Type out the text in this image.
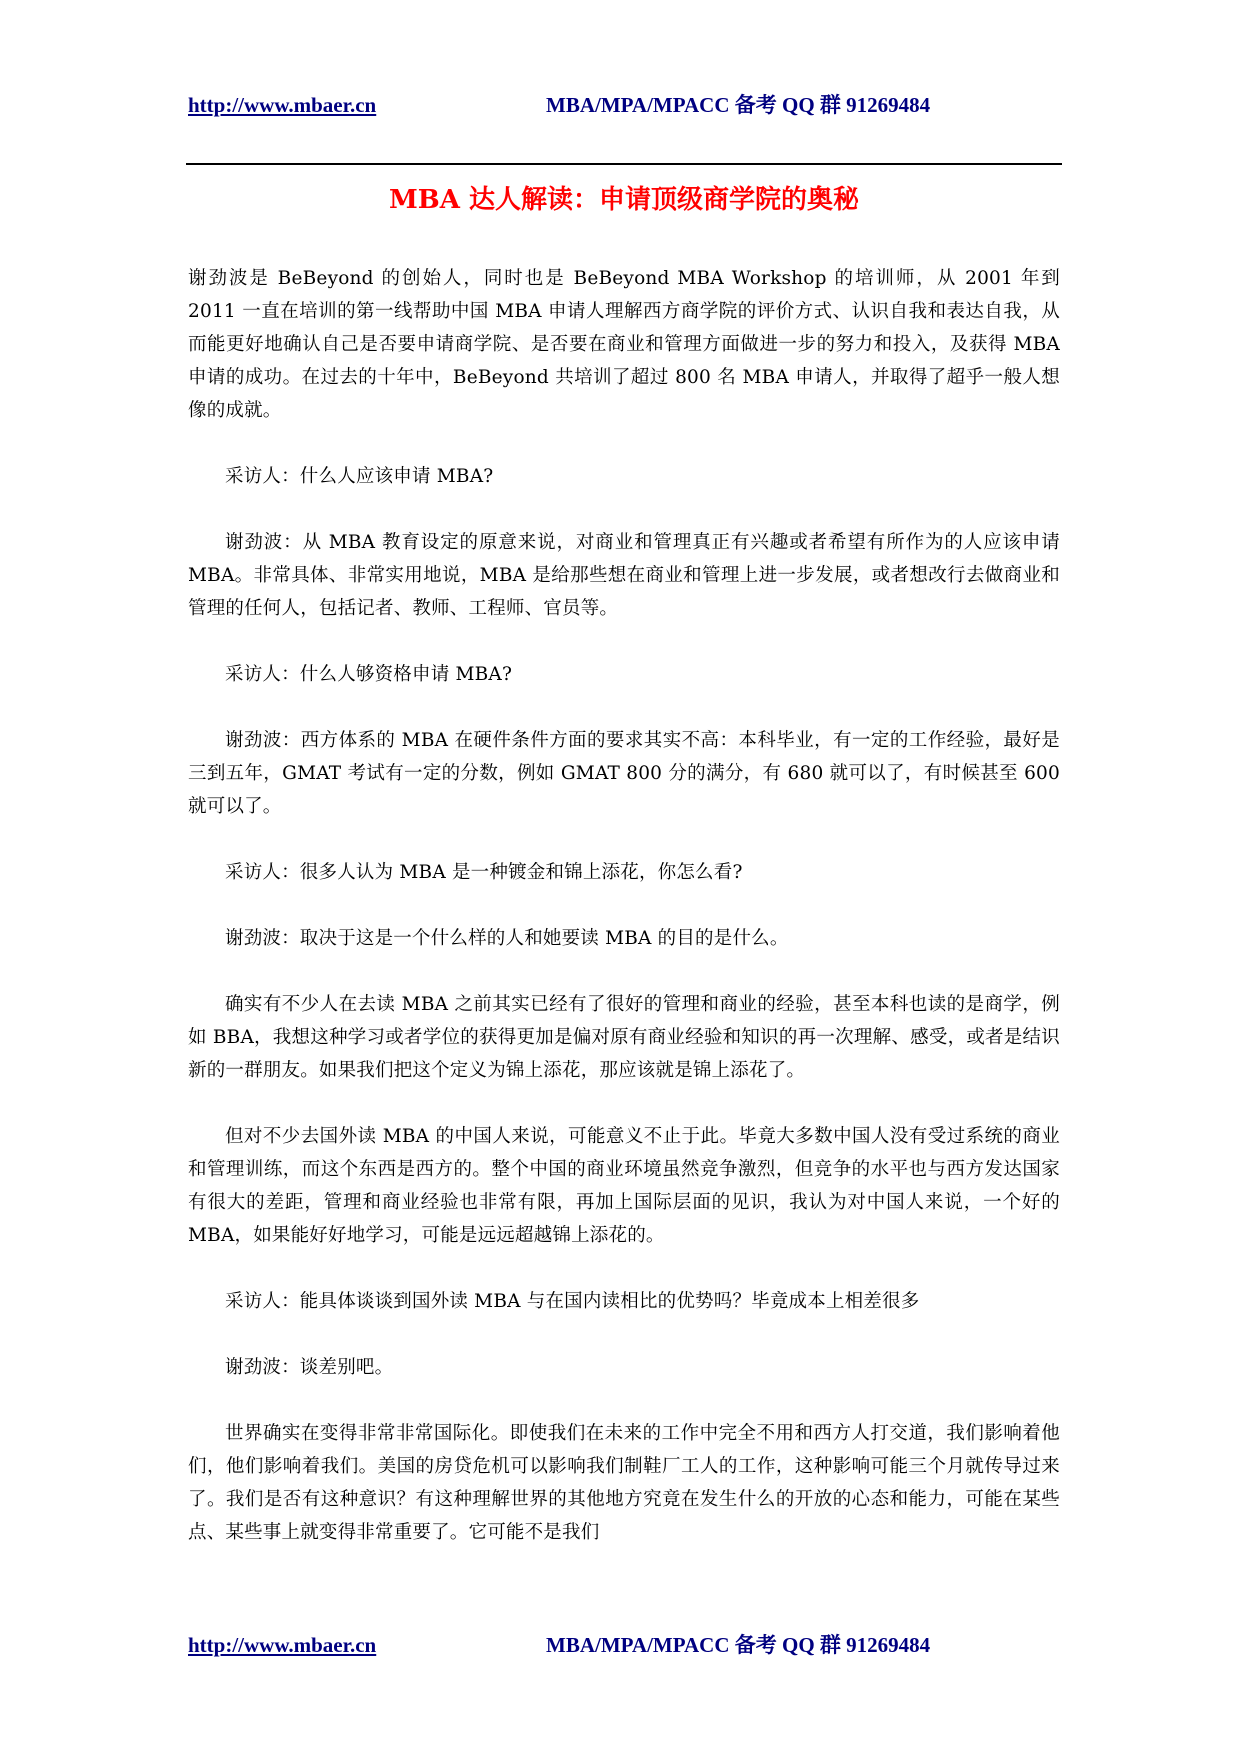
http://www.mbaer.cn	MBA/MPA/MPACC 备考 QQ 群 91269484
MBA 达人解读：申请顶级商学院的奥秘

谢劲波是 BeBeyond 的创始人，同时也是 BeBeyond MBA Workshop 的培训师，从 2001 年到 2011 一直在培训的第一线帮助中国 MBA 申请人理解西方商学院的评价方式、认识自我和表达自我，从而能更好地确认自己是否要申请商学院、是否要在商业和管理方面做进一步的努力和投入，及获得 MBA 申请的成功。在过去的十年中，BeBeyond 共培训了超过 800 名 MBA 申请人，并取得了超乎一般人想像的成就。

采访人：什么人应该申请 MBA?

谢劲波：从 MBA 教育设定的原意来说，对商业和管理真正有兴趣或者希望有所作为的人应该申请 MBA。非常具体、非常实用地说，MBA 是给那些想在商业和管理上进一步发展，或者想改行去做商业和管理的任何人，包括记者、教师、工程师、官员等。

采访人：什么人够资格申请 MBA?

谢劲波：西方体系的 MBA 在硬件条件方面的要求其实不高：本科毕业，有一定的工作经验，最好是三到五年，GMAT 考试有一定的分数，例如 GMAT 800 分的满分，有 680 就可以了，有时候甚至 600 就可以了。

采访人：很多人认为 MBA 是一种镀金和锦上添花，你怎么看?

谢劲波：取决于这是一个什么样的人和她要读 MBA 的目的是什么。

确实有不少人在去读 MBA 之前其实已经有了很好的管理和商业的经验，甚至本科也读的是商学，例如 BBA，我想这种学习或者学位的获得更加是偏对原有商业经验和知识的再一次理解、感受，或者是结识新的一群朋友。如果我们把这个定义为锦上添花，那应该就是锦上添花了。

但对不少去国外读 MBA 的中国人来说，可能意义不止于此。毕竟大多数中国人没有受过系统的商业和管理训练，而这个东西是西方的。整个中国的商业环境虽然竞争激烈，但竞争的水平也与西方发达国家有很大的差距，管理和商业经验也非常有限，再加上国际层面的见识，我认为对中国人来说，一个好的 MBA，如果能好好地学习，可能是远远超越锦上添花的。

采访人：能具体谈谈到国外读 MBA 与在国内读相比的优势吗？毕竟成本上相差很多

谢劲波：谈差别吧。

世界确实在变得非常非常国际化。即使我们在未来的工作中完全不用和西方人打交道，我们影响着他们，他们影响着我们。美国的房贷危机可以影响我们制鞋厂工人的工作，这种影响可能三个月就传导过来了。我们是否有这种意识？有这种理解世界的其他地方究竟在发生什么的开放的心态和能力，可能在某些点、某些事上就变得非常重要了。它可能不是我们

http://www.mbaer.cn	MBA/MPA/MPACC 备考 QQ 群 91269484
